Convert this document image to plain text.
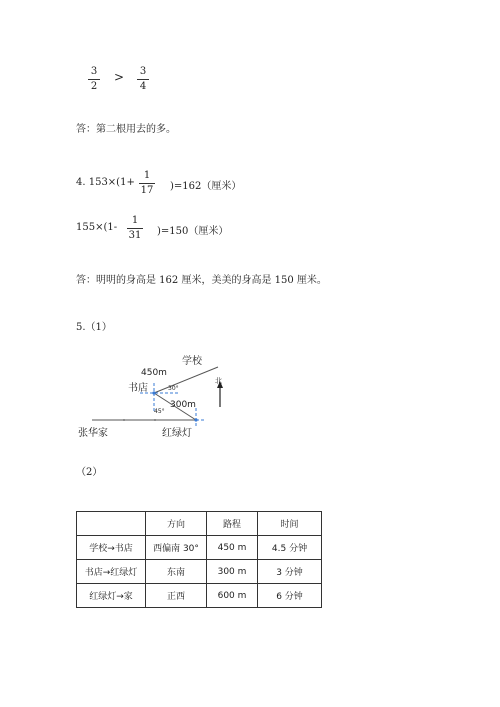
3
2
> 3
4
答：第二根用去的多。
4. 153×(1+
1
17 )=162（厘米）
155×(1-
1
31 )=150（厘米）
答：明明的身高是 162 厘米，美美的身高是 150 厘米。
5.（1）
学校
450m
书店	30°
北
300m
45°
张华家	红绿灯
（2）
	方向	路程	时间
学校→书店	西偏南 30°	450 m	4.5 分钟
书店→红绿灯	东南	300 m	3 分钟
红绿灯→家	正西	600 m	6 分钟
